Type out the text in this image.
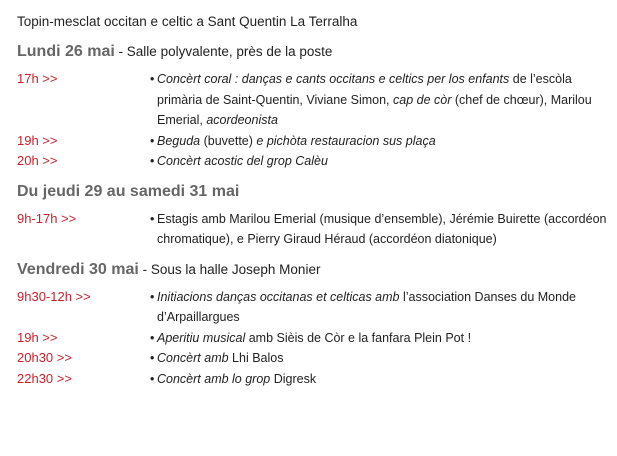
Topin-mesclat occitan e celtic a Sant Quentin La Terralha
Lundi 26 mai - Salle polyvalente, près de la poste
17h >>	• Concèrt coral : danças e cants occitans e celtics per los enfants de l’escòla primària de Saint-Quentin, Viviane Simon, cap de còr (chef de chœur), Marilou Emerial, acordeonista
19h >>	• Beguda (buvette) e pichòta restauracion sus plaça
20h >>	• Concèrt acostic del grop Calèu
Du jeudi 29 au samedi 31 mai
9h-17h >>	• Estagis amb Marilou Emerial (musique d’ensemble), Jérémie Buirette (accordéon chromatique), e Pierry Giraud Héraud (accordéon diatonique)
Vendredi 30 mai - Sous la halle Joseph Monier
9h30-12h >>	• Initiacions danças occitanas et celticas amb l’association Danses du Monde d’Arpaillargues
19h >>	• Aperitiu musical amb Sièis de Còr e la fanfara Plein Pot !
20h30 >>	• Concèrt amb Lhi Balos
22h30 >>	• Concèrt amb lo grop Digresk
